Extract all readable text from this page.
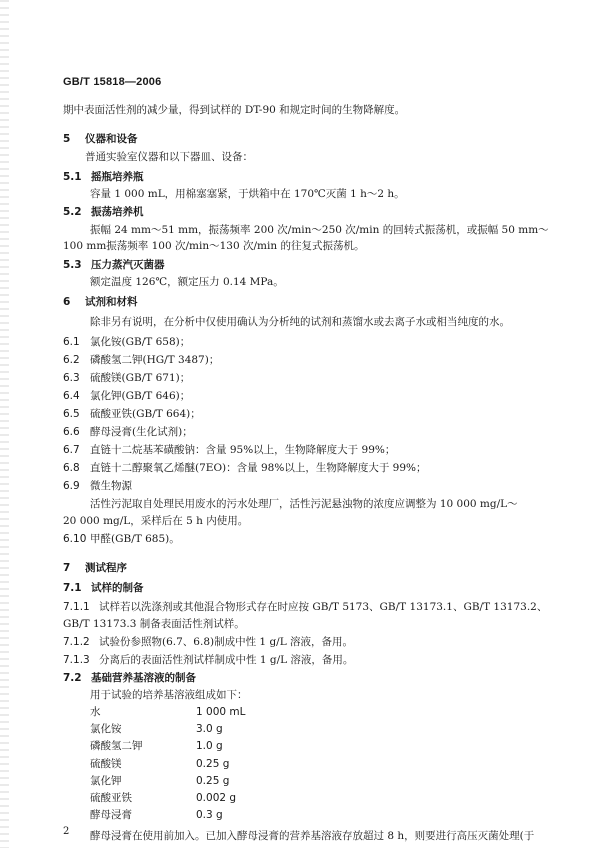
GB/T 15818—2006
期中表面活性剂的减少量，得到试样的 DT-90 和规定时间的生物降解度。
5 仪器和设备
普通实验室仪器和以下器皿、设备：
5.1 摇瓶培养瓶
容量 1 000 mL，用棉塞塞紧，于烘箱中在 170℃灭菌 1 h～2 h。
5.2 振荡培养机
振幅 24 mm～51 mm，振荡频率 200 次/min～250 次/min 的回转式振荡机，或振幅 50 mm～
100 mm振荡频率 100 次/min～130 次/min 的往复式振荡机。
5.3 压力蒸汽灭菌器
额定温度 126℃，额定压力 0.14 MPa。
6 试剂和材料
除非另有说明，在分析中仅使用确认为分析纯的试剂和蒸馏水或去离子水或相当纯度的水。
6.1 氯化铵(GB/T 658)；
6.2 磷酸氢二钾(HG/T 3487)；
6.3 硫酸镁(GB/T 671)；
6.4 氯化钾(GB/T 646)；
6.5 硫酸亚铁(GB/T 664)；
6.6 酵母浸膏(生化试剂)；
6.7 直链十二烷基苯磺酸钠：含量 95%以上，生物降解度大于 99%；
6.8 直链十二醇聚氧乙烯醚(7EO)：含量 98%以上，生物降解度大于 99%；
6.9 微生物源
活性污泥取自处理民用废水的污水处理厂，活性污泥悬浊物的浓度应调整为 10 000 mg/L～
20 000 mg/L，采样后在 5 h 内使用。
6.10 甲醛(GB/T 685)。
7 测试程序
7.1 试样的制备
7.1.1 试样若以洗涤剂或其他混合物形式存在时应按 GB/T 5173、GB/T 13173.1、GB/T 13173.2、
GB/T 13173.3 制备表面活性剂试样。
7.1.2 试验份参照物(6.7、6.8)制成中性 1 g/L 溶液，备用。
7.1.3 分离后的表面活性剂试样制成中性 1 g/L 溶液，备用。
7.2 基础营养基溶液的制备
用于试验的培养基溶液组成如下：
水	1 000 mL
氯化铵	3.0 g
磷酸氢二钾	1.0 g
硫酸镁	0.25 g
氯化钾	0.25 g
硫酸亚铁	0.002 g
酵母浸膏	0.3 g
酵母浸膏在使用前加入。已加入酵母浸膏的营养基溶液存放超过 8 h，则要进行高压灭菌处理(于
2
